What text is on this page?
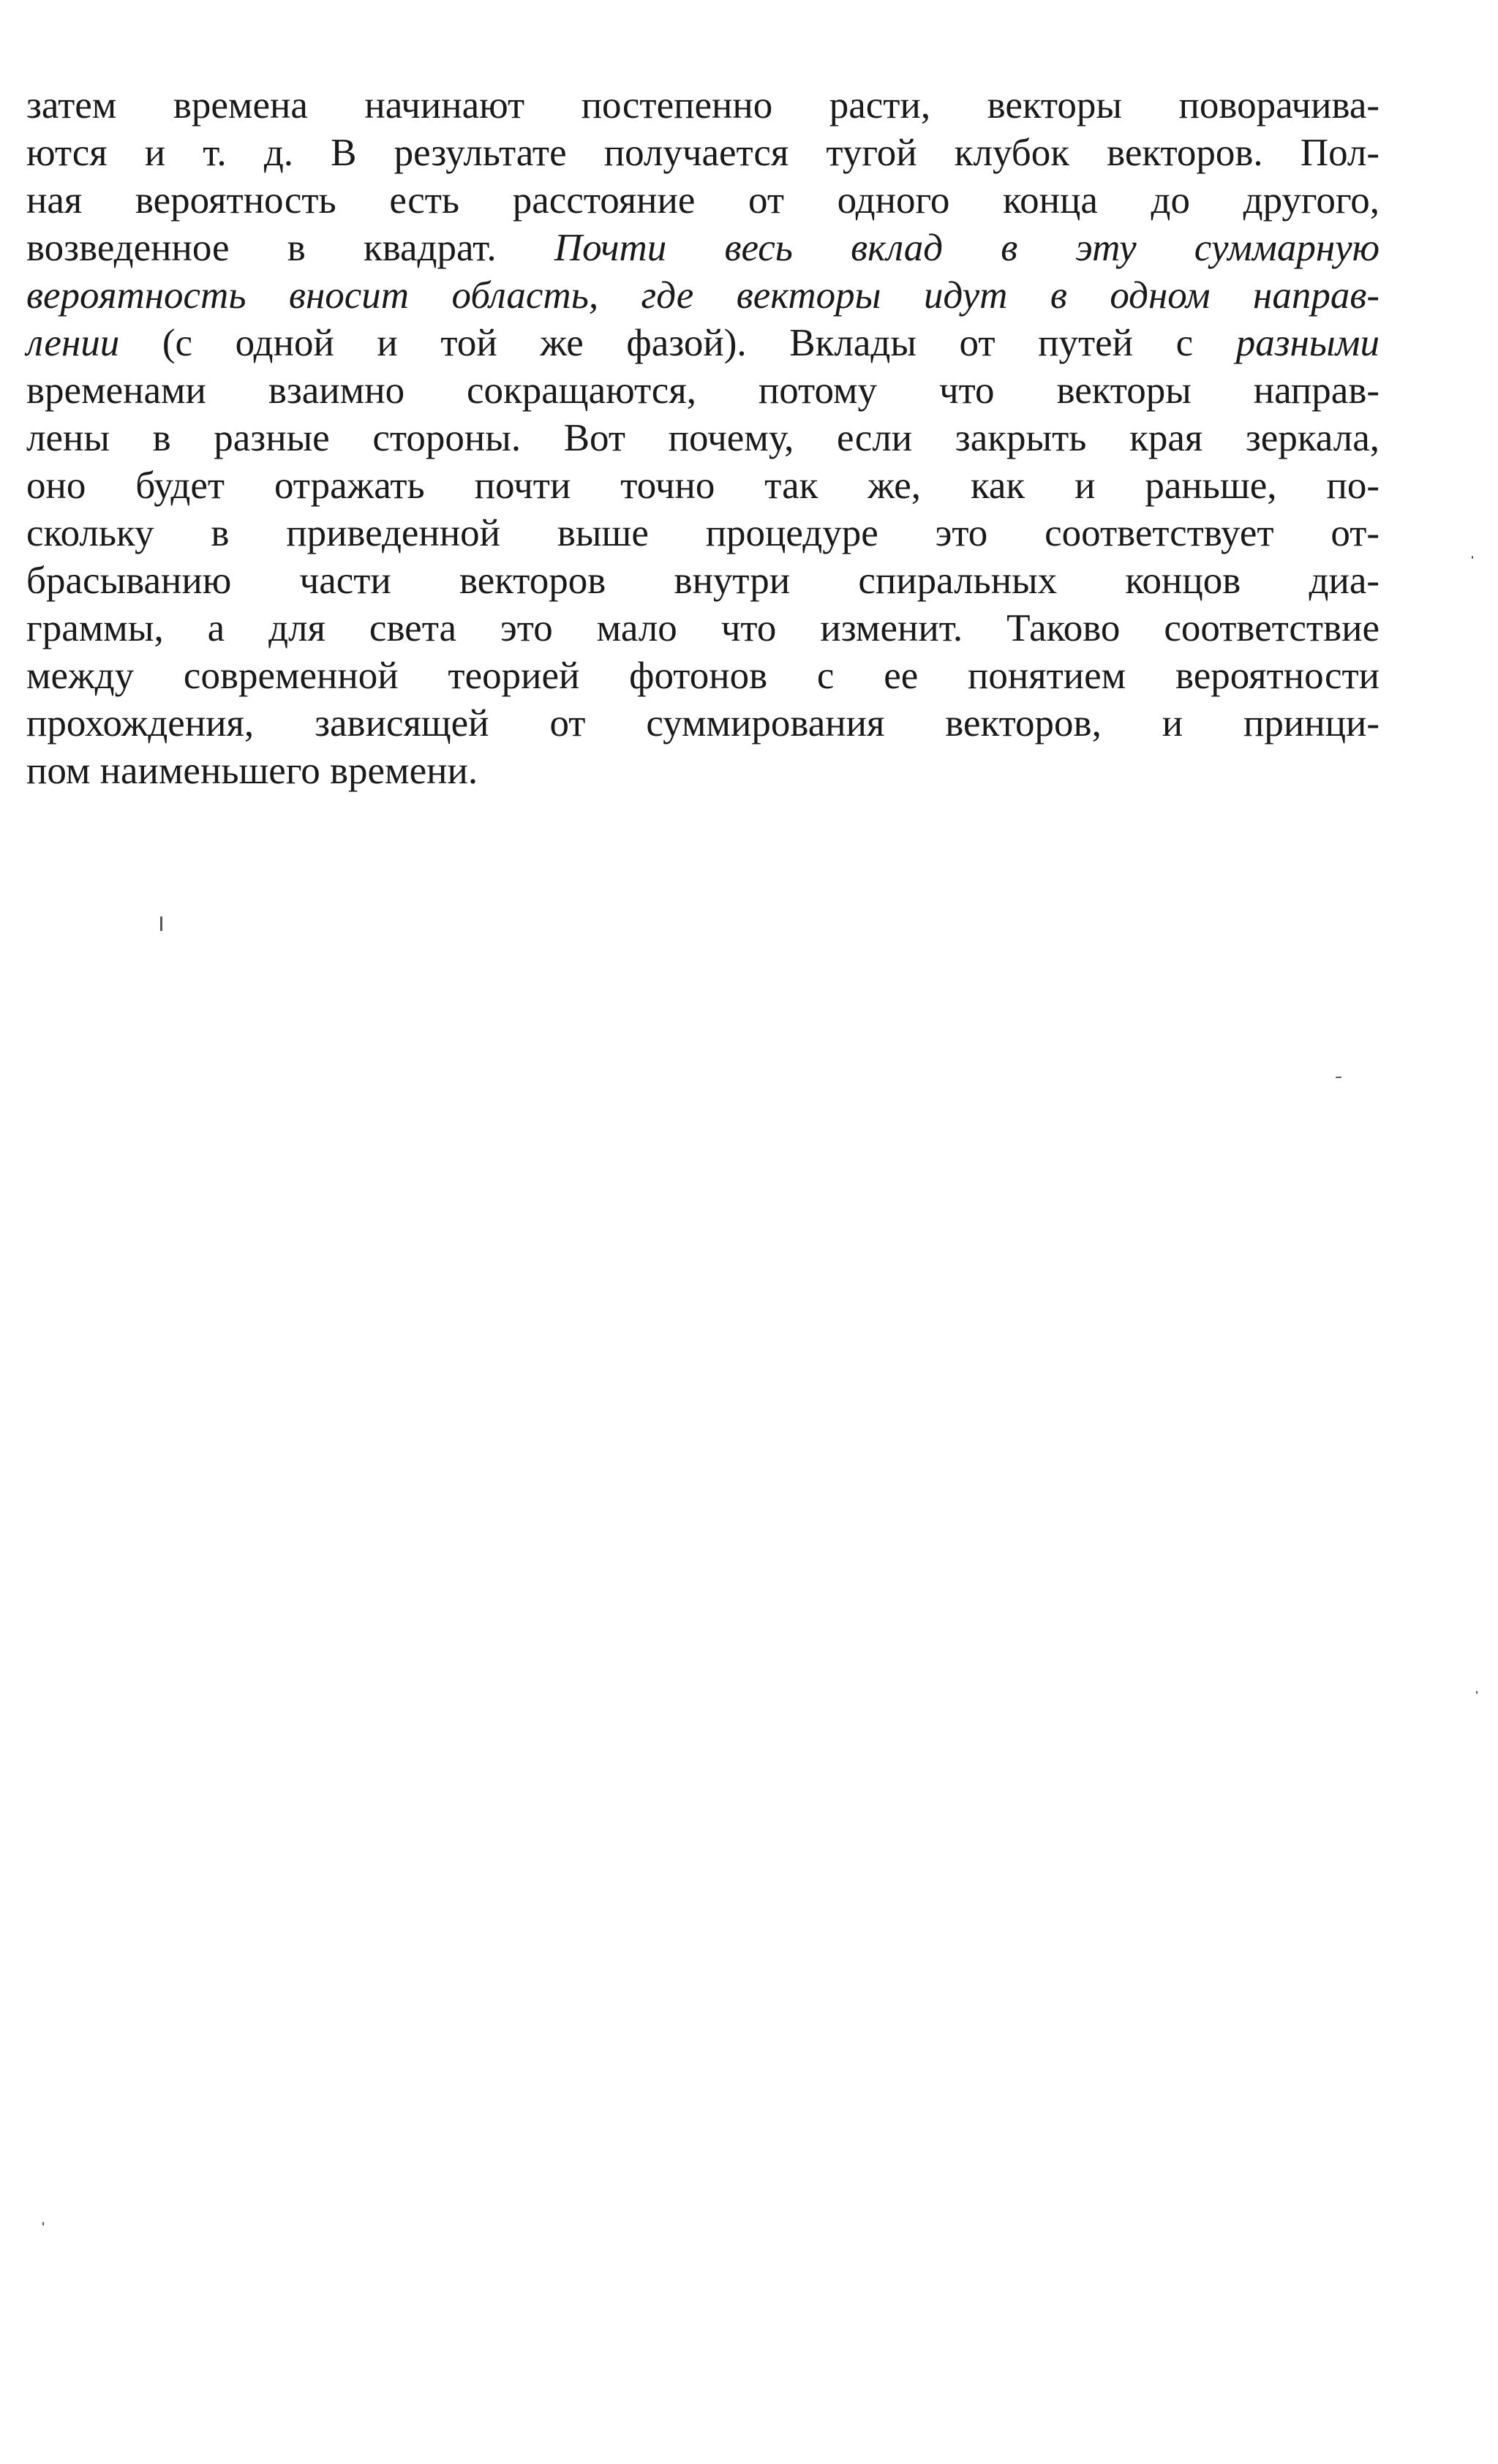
затем времена начинают постепенно расти, векторы поворачива-
ются и т. д. В результате получается тугой клубок векторов. Пол-
ная вероятность есть расстояние от одного конца до другого,
возведенное в квадрат. Почти весь вклад в эту суммарную
вероятность вносит область, где векторы идут в одном направ-
лении (с одной и той же фазой). Вклады от путей с разными
временами взаимно сокращаются, потому что векторы направ-
лены в разные стороны. Вот почему, если закрыть края зеркала,
оно будет отражать почти точно так же, как и раньше, по-
скольку в приведенной выше процедуре это соответствует от-
брасыванию части векторов внутри спиральных концов диа-
граммы, а для света это мало что изменит. Таково соответствие
между современной теорией фотонов с ее понятием вероятности
прохождения, зависящей от суммирования векторов, и принци-
пом наименьшего времени.
